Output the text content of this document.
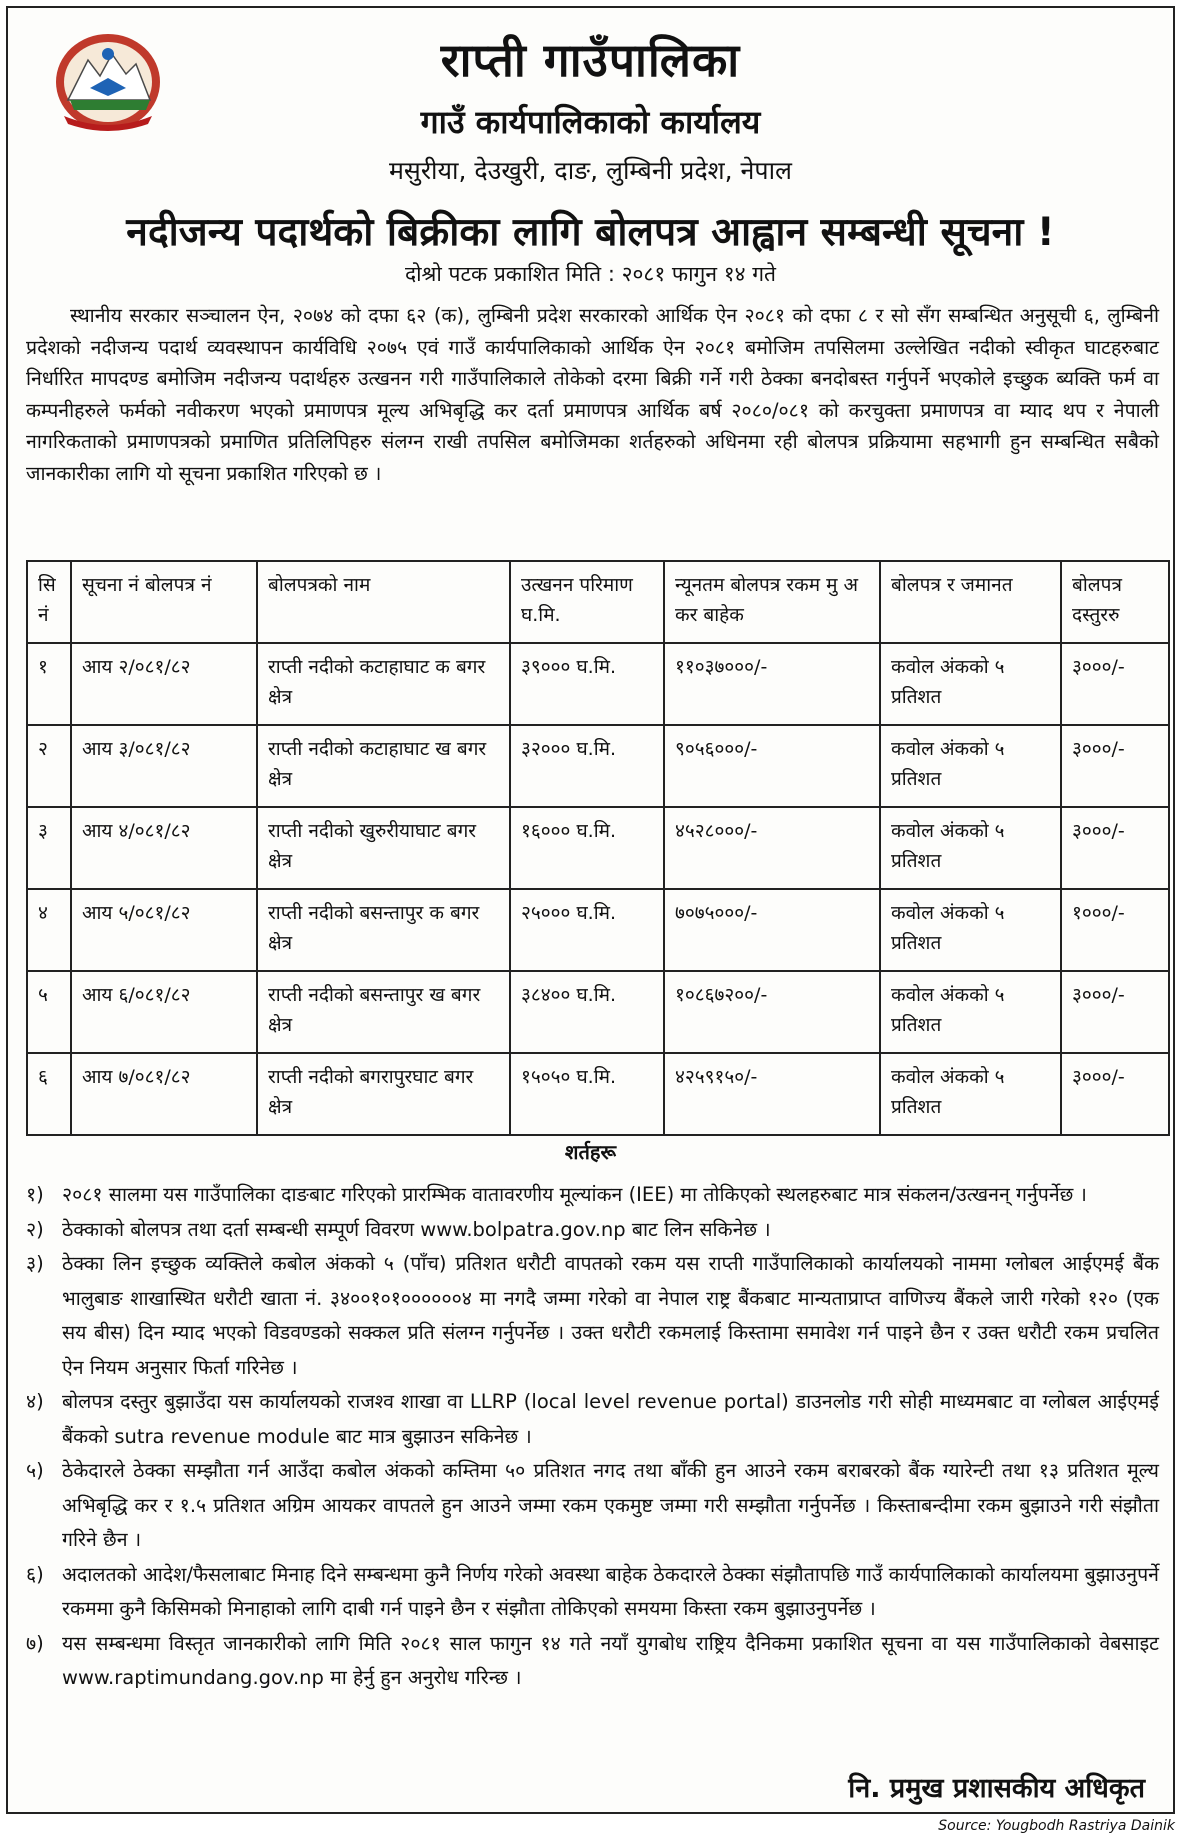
राप्ती गाउँपालिका
गाउँ कार्यपालिकाको कार्यालय
मसुरीया, देउखुरी, दाङ, लुम्बिनी प्रदेश, नेपाल
नदीजन्य पदार्थको बिक्रीका लागि बोलपत्र आह्वान सम्बन्धी सूचना !
दोश्रो पटक प्रकाशित मिति : २०८१ फागुन १४ गते
स्थानीय सरकार सञ्चालन ऐन, २०७४ को दफा ६२ (क), लुम्बिनी प्रदेश सरकारको आर्थिक ऐन २०८१ को दफा ८ र सो सँग सम्बन्धित अनुसूची ६, लुम्बिनी प्रदेशको नदीजन्य पदार्थ व्यवस्थापन कार्यविधि २०७५ एवं गाउँ कार्यपालिकाको आर्थिक ऐन २०८१ बमोजिम तपसिलमा उल्लेखित नदीको स्वीकृत घाटहरुबाट निर्धारित मापदण्ड बमोजिम नदीजन्य पदार्थहरु उत्खनन गरी गाउँपालिकाले तोकेको दरमा बिक्री गर्ने गरी ठेक्का बनदोबस्त गर्नुपर्ने भएकोले इच्छुक ब्यक्ति फर्म वा कम्पनीहरुले फर्मको नवीकरण भएको प्रमाणपत्र मूल्य अभिबृद्धि कर दर्ता प्रमाणपत्र आर्थिक बर्ष २०८०/०८१ को करचुक्ता प्रमाणपत्र वा म्याद थप र नेपाली नागरिकताको प्रमाणपत्रको प्रमाणित प्रतिलिपिहरु संलग्न राखी तपसिल बमोजिमका शर्तहरुको अधिनमा रही बोलपत्र प्रक्रियामा सहभागी हुन सम्बन्धित सबैको जानकारीका लागि यो सूचना प्रकाशित गरिएको छ ।
सि नं	सूचना नं बोलपत्र नं	बोलपत्रको नाम	उत्खनन परिमाण घ.मि.	न्यूनतम बोलपत्र रकम मु अ कर बाहेक	बोलपत्र र जमानत	बोलपत्र दस्तुररु
१	आय २/०८१/८२	राप्ती नदीको कटाहाघाट क बगर क्षेत्र	३९००० घ.मि.	११०३७०००/-	कवोल अंकको ५ प्रतिशत	३०००/-
२	आय ३/०८१/८२	राप्ती नदीको कटाहाघाट ख बगर क्षेत्र	३२००० घ.मि.	९०५६०००/-	कवोल अंकको ५ प्रतिशत	३०००/-
३	आय ४/०८१/८२	राप्ती नदीको खुरुरीयाघाट बगर क्षेत्र	१६००० घ.मि.	४५२८०००/-	कवोल अंकको ५ प्रतिशत	३०००/-
४	आय ५/०८१/८२	राप्ती नदीको बसन्तापुर क बगर क्षेत्र	२५००० घ.मि.	७०७५०००/-	कवोल अंकको ५ प्रतिशत	१०००/-
५	आय ६/०८१/८२	राप्ती नदीको बसन्तापुर ख बगर क्षेत्र	३८४०० घ.मि.	१०८६७२००/-	कवोल अंकको ५ प्रतिशत	३०००/-
६	आय ७/०८१/८२	राप्ती नदीको बगरापुरघाट बगर क्षेत्र	१५०५० घ.मि.	४२५९१५०/-	कवोल अंकको ५ प्रतिशत	३०००/-
शर्तहरू
१) २०८१ सालमा यस गाउँपालिका दाङबाट गरिएको प्रारम्भिक वातावरणीय मूल्यांकन (IEE) मा तोकिएको स्थलहरुबाट मात्र संकलन/उत्खनन् गर्नुपर्नेछ ।
२) ठेक्काको बोलपत्र तथा दर्ता सम्बन्धी सम्पूर्ण विवरण www.bolpatra.gov.np बाट लिन सकिनेछ ।
३) ठेक्का लिन इच्छुक व्यक्तिले कबोल अंकको ५ (पाँच) प्रतिशत धरौटी वापतको रकम यस राप्ती गाउँपालिकाको कार्यालयको नाममा ग्लोबल आईएमई बैंक भालुबाङ शाखास्थित धरौटी खाता नं. ३४००१०१००००००४ मा नगदै जम्मा गरेको वा नेपाल राष्ट्र बैंकबाट मान्यताप्राप्त वाणिज्य बैंकले जारी गरेको १२० (एक सय बीस) दिन म्याद भएको विडवण्डको सक्कल प्रति संलग्न गर्नुपर्नेछ । उक्त धरौटी रकमलाई किस्तामा समावेश गर्न पाइने छैन र उक्त धरौटी रकम प्रचलित ऐन नियम अनुसार फिर्ता गरिनेछ ।
४) बोलपत्र दस्तुर बुझाउँदा यस कार्यालयको राजश्व शाखा वा LLRP (local level revenue portal) डाउनलोड गरी सोही माध्यमबाट वा ग्लोबल आईएमई बैंकको sutra revenue module बाट मात्र बुझाउन सकिनेछ ।
५) ठेकेदारले ठेक्का सम्झौता गर्न आउँदा कबोल अंकको कम्तिमा ५० प्रतिशत नगद तथा बाँकी हुन आउने रकम बराबरको बैंक ग्यारेन्टी तथा १३ प्रतिशत मूल्य अभिबृद्धि कर र १.५ प्रतिशत अग्रिम आयकर वापतले हुन आउने जम्मा रकम एकमुष्ट जम्मा गरी सम्झौता गर्नुपर्नेछ । किस्ताबन्दीमा रकम बुझाउने गरी संझौता गरिने छैन ।
६) अदालतको आदेश/फैसलाबाट मिनाह दिने सम्बन्धमा कुनै निर्णय गरेको अवस्था बाहेक ठेकदारले ठेक्का संझौतापछि गाउँ कार्यपालिकाको कार्यालयमा बुझाउनुपर्ने रकममा कुनै किसिमको मिनाहाको लागि दाबी गर्न पाइने छैन र संझौता तोकिएको समयमा किस्ता रकम बुझाउनुपर्नेछ ।
७) यस सम्बन्धमा विस्तृत जानकारीको लागि मिति २०८१ साल फागुन १४ गते नयाँ युगबोध राष्ट्रिय दैनिकमा प्रकाशित सूचना वा यस गाउँपालिकाको वेबसाइट www.raptimundang.gov.np मा हेर्नु हुन अनुरोध गरिन्छ ।
नि. प्रमुख प्रशासकीय अधिकृत
Source: Yougbodh Rastriya Dainik
